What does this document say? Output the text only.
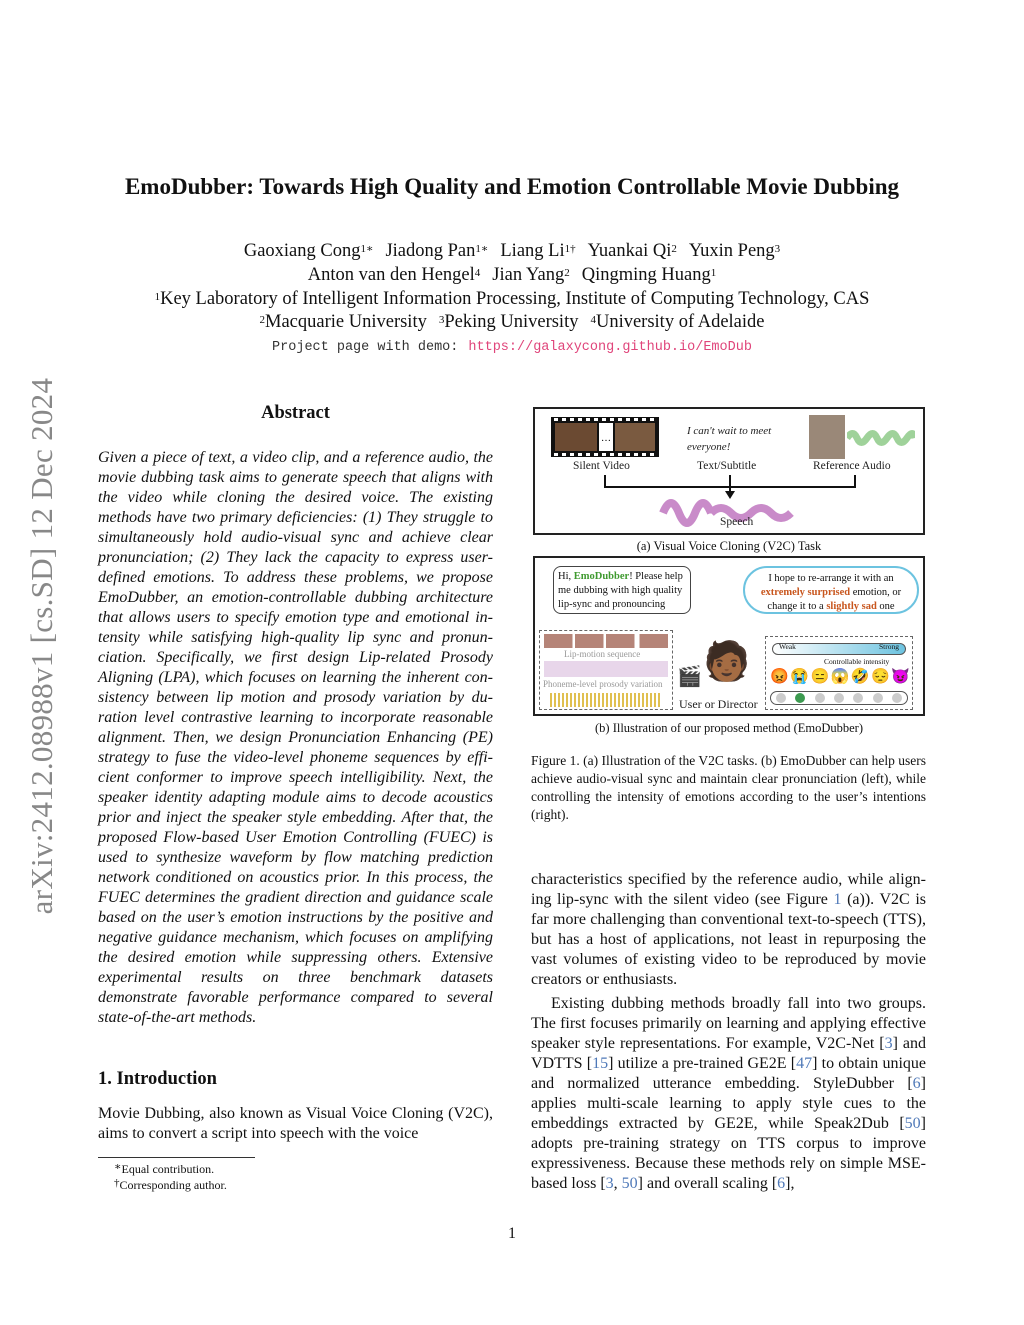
arXiv:2412.08988v1 [cs.SD] 12 Dec 2024
EmoDubber: Towards High Quality and Emotion Controllable Movie Dubbing
Gaoxiang Cong$^{1∗}$ Jiadong Pan$^{1∗}$ Liang $Li^{1\dagger}$ Yuankai Qi$^2$ Yuxin Peng$^3$
Anton van den Hengel$^4$ Jian Yang$^2$ Qingming Huang$^1$
$^1$Key Laboratory of Intelligent Information Processing, Institute of Computing Technology, CAS
$^2$Macquarie University $^3$Peking University $^4$University of Adelaide
Project page with demo: https://galaxycong.github.io/EmoDub
Abstract

Given a piece of text, a video clip, and a reference audio, the movie dubbing task aims to generate speech that aligns with the video while cloning the desired voice. The existing methods have two primary deficiencies: (1) They struggle to simultaneously hold audio-visual sync and achieve clear pronunciation; (2) They lack the capacity to express user-defined emotions. To address these problems, we propose EmoDubber, an emotion-controllable dubbing architecture that allows users to specify emotion type and emotional intensity while satisfying high-quality lip sync and pronunciation. Specifically, we first design Lip-related Prosody Aligning (LPA), which focuses on learning the inherent consistency between lip motion and prosody variation by duration level contrastive learning to incorporate reasonable alignment. Then, we design Pronunciation Enhancing (PE) strategy to fuse the video-level phoneme sequences by efficient conformer to improve speech intelligibility. Next, the speaker identity adapting module aims to decode acoustics prior and inject the speaker style embedding. After that, the proposed Flow-based User Emotion Controlling (FUEC) is used to synthesize waveform by flow matching prediction network conditioned on acoustics prior. In this process, the FUEC determines the gradient direction and guidance scale based on the user’s emotion instructions by the positive and negative guidance mechanism, which focuses on amplifying the desired emotion while suppressing others. Extensive experimental results on three benchmark datasets demonstrate favorable performance compared to several state-of-the-art methods.

1. Introduction

Movie Dubbing, also known as Visual Voice Cloning (V2C), aims to convert a script into speech with the voice

∗Equal contribution.
†Corresponding author.
…
I can't wait to meet everyone!
Silent Video	Text/Subtitle	Reference Audio
Speech
(a) Visual Voice Cloning (V2C) Task
Hi, EmoDubber! Please help me dubbing with high quality lip-sync and pronouncing
I hope to re-arrange it with an extremely surprised emotion, or change it to a slightly sad one
Lip-motion sequence
Phoneme-level prosody variation 🎬 🧑🏾
User or Director
Weak	Strong
Controllable intensity
😡 😭 😑 😱 🤣 😔 😈
(b) Illustration of our proposed method (EmoDubber)

Figure 1. (a) Illustration of the V2C tasks. (b) EmoDubber can help users achieve audio-visual sync and maintain clear pronunciation (left), while controlling the intensity of emotions according to the user’s intentions (right).

characteristics specified by the reference audio, while aligning lip-sync with the silent video (see Figure 1 (a)). V2C is far more challenging than conventional text-to-speech (TTS), but has a host of applications, not least in repurposing the vast volumes of existing video to be reproduced by movie creators or enthusiasts.

Existing dubbing methods broadly fall into two groups. The first focuses primarily on learning and applying effective speaker style representations. For example, V2C-Net [3] and VDTTS [15] utilize a pre-trained GE2E [47] to obtain unique and normalized utterance embedding. StyleDubber [6] applies multi-scale learning to apply style cues to the embeddings extracted by GE2E, while Speak2Dub [50] adopts pre-training strategy on TTS corpus to improve expressiveness. Because these methods rely on simple MSE-based loss [3, 50] and overall scaling [6],

1
